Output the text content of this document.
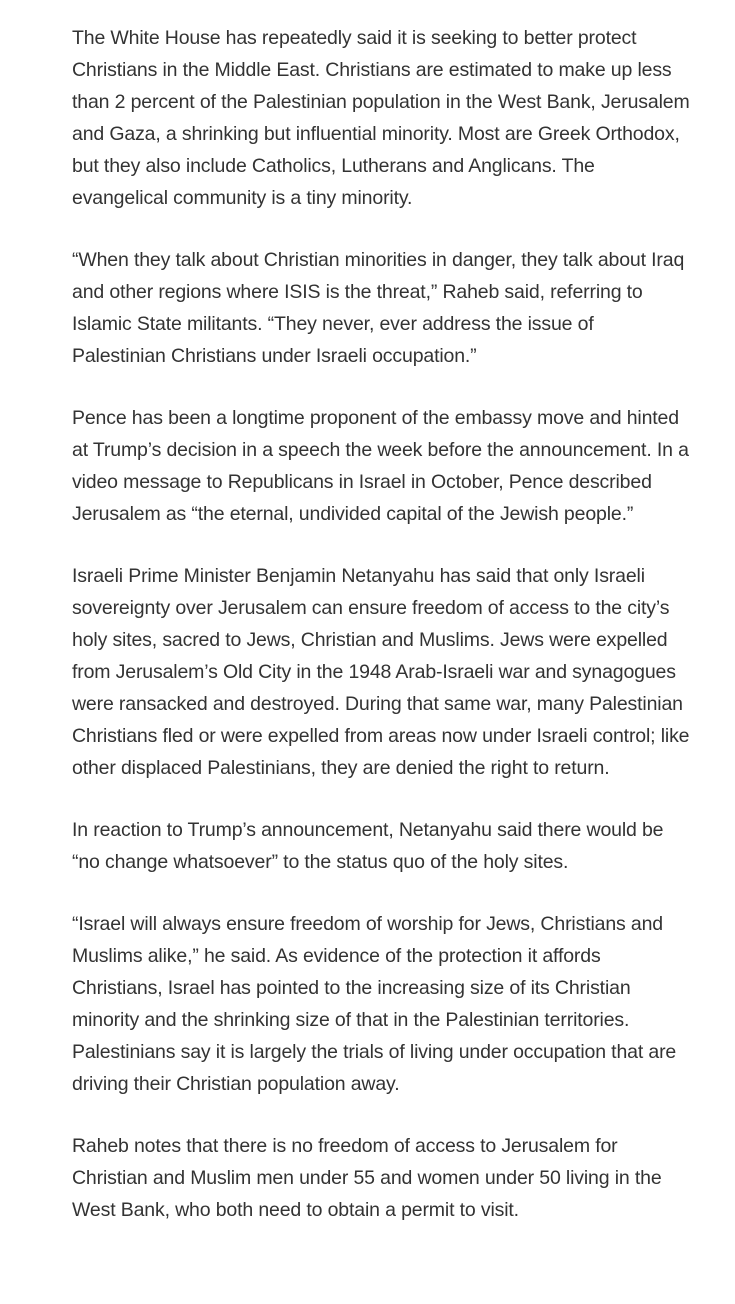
The White House has repeatedly said it is seeking to better protect Christians in the Middle East. Christians are estimated to make up less than 2 percent of the Palestinian population in the West Bank, Jerusalem and Gaza, a shrinking but influential minority. Most are Greek Orthodox, but they also include Catholics, Lutherans and Anglicans. The evangelical community is a tiny minority.

“When they talk about Christian minorities in danger, they talk about Iraq and other regions where ISIS is the threat,” Raheb said, referring to Islamic State militants. “They never, ever address the issue of Palestinian Christians under Israeli occupation.”

Pence has been a longtime proponent of the embassy move and hinted at Trump’s decision in a speech the week before the announcement. In a video message to Republicans in Israel in October, Pence described Jerusalem as “the eternal, undivided capital of the Jewish people.”

Israeli Prime Minister Benjamin Netanyahu has said that only Israeli sovereignty over Jerusalem can ensure freedom of access to the city’s holy sites, sacred to Jews, Christian and Muslims. Jews were expelled from Jerusalem’s Old City in the 1948 Arab-Israeli war and synagogues were ransacked and destroyed. During that same war, many Palestinian Christians fled or were expelled from areas now under Israeli control; like other displaced Palestinians, they are denied the right to return.

In reaction to Trump’s announcement, Netanyahu said there would be “no change whatsoever” to the status quo of the holy sites.

“Israel will always ensure freedom of worship for Jews, Christians and Muslims alike,” he said. As evidence of the protection it affords Christians, Israel has pointed to the increasing size of its Christian minority and the shrinking size of that in the Palestinian territories. Palestinians say it is largely the trials of living under occupation that are driving their Christian population away.

Raheb notes that there is no freedom of access to Jerusalem for Christian and Muslim men under 55 and women under 50 living in the West Bank, who both need to obtain a permit to visit.
